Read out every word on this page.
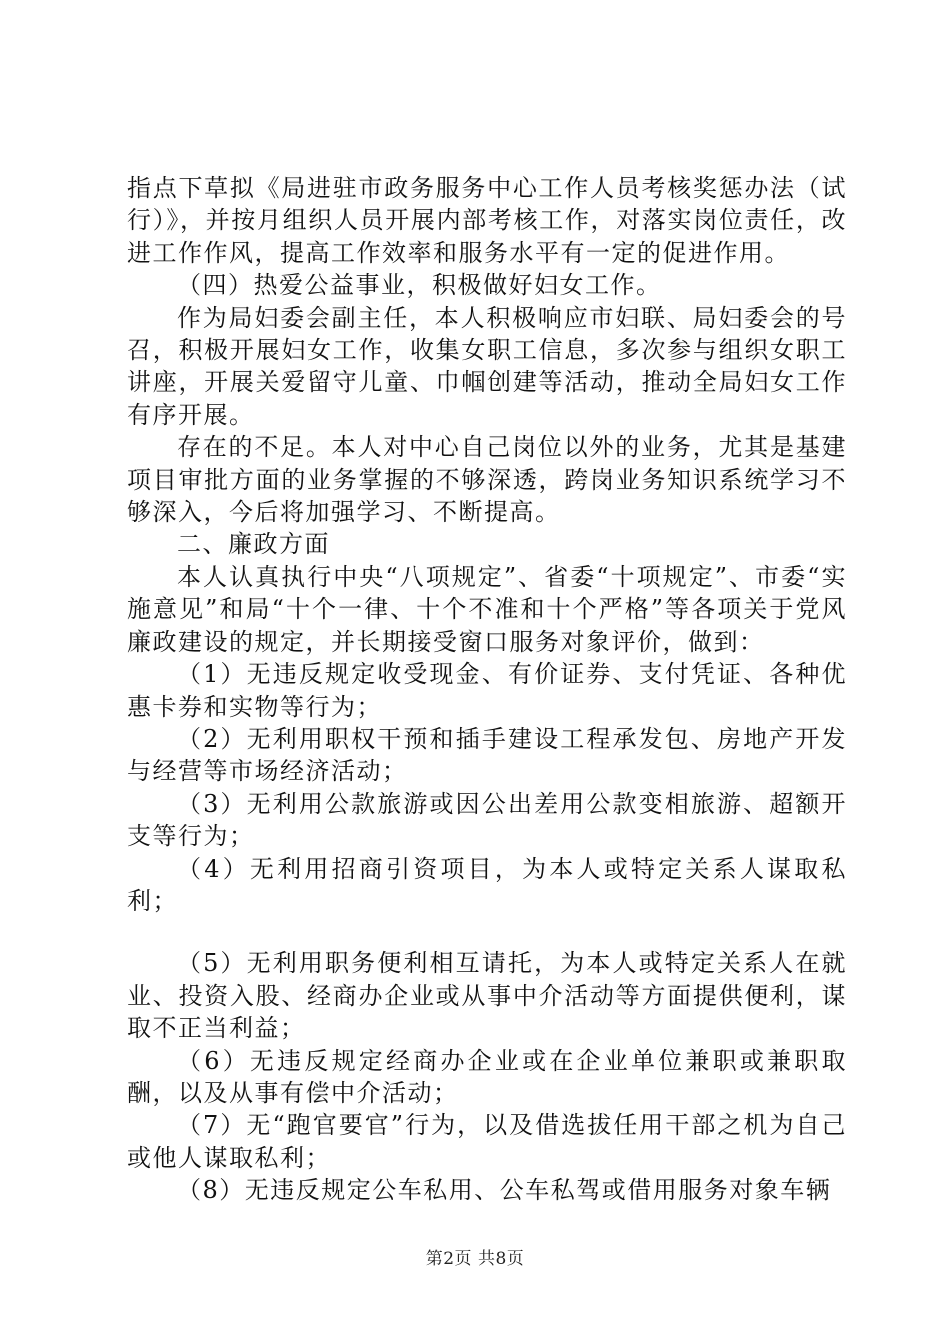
指点下草拟《局进驻市政务服务中心工作人员考核奖惩办法（试行）》，并按月组织人员开展内部考核工作，对落实岗位责任，改进工作作风，提高工作效率和服务水平有一定的促进作用。

（四）热爱公益事业，积极做好妇女工作。

作为局妇委会副主任，本人积极响应市妇联、局妇委会的号召，积极开展妇女工作，收集女职工信息，多次参与组织女职工讲座，开展关爱留守儿童、巾帼创建等活动，推动全局妇女工作有序开展。

存在的不足。本人对中心自己岗位以外的业务，尤其是基建项目审批方面的业务掌握的不够深透，跨岗业务知识系统学习不够深入，今后将加强学习、不断提高。

二、廉政方面

本人认真执行中央“八项规定”、省委“十项规定”、市委“实施意见”和局“十个一律、十个不准和十个严格”等各项关于党风廉政建设的规定，并长期接受窗口服务对象评价，做到：

（1）无违反规定收受现金、有价证券、支付凭证、各种优惠卡券和实物等行为；

（2）无利用职权干预和插手建设工程承发包、房地产开发与经营等市场经济活动；

（3）无利用公款旅游或因公出差用公款变相旅游、超额开支等行为；

（4）无利用招商引资项目，为本人或特定关系人谋取私利；

（5）无利用职务便利相互请托，为本人或特定关系人在就业、投资入股、经商办企业或从事中介活动等方面提供便利，谋取不正当利益；

（6）无违反规定经商办企业或在企业单位兼职或兼职取酬，以及从事有偿中介活动；

（7）无“跑官要官”行为，以及借选拔任用干部之机为自己或他人谋取私利；

（8）无违反规定公车私用、公车私驾或借用服务对象车辆

第2页 共8页
